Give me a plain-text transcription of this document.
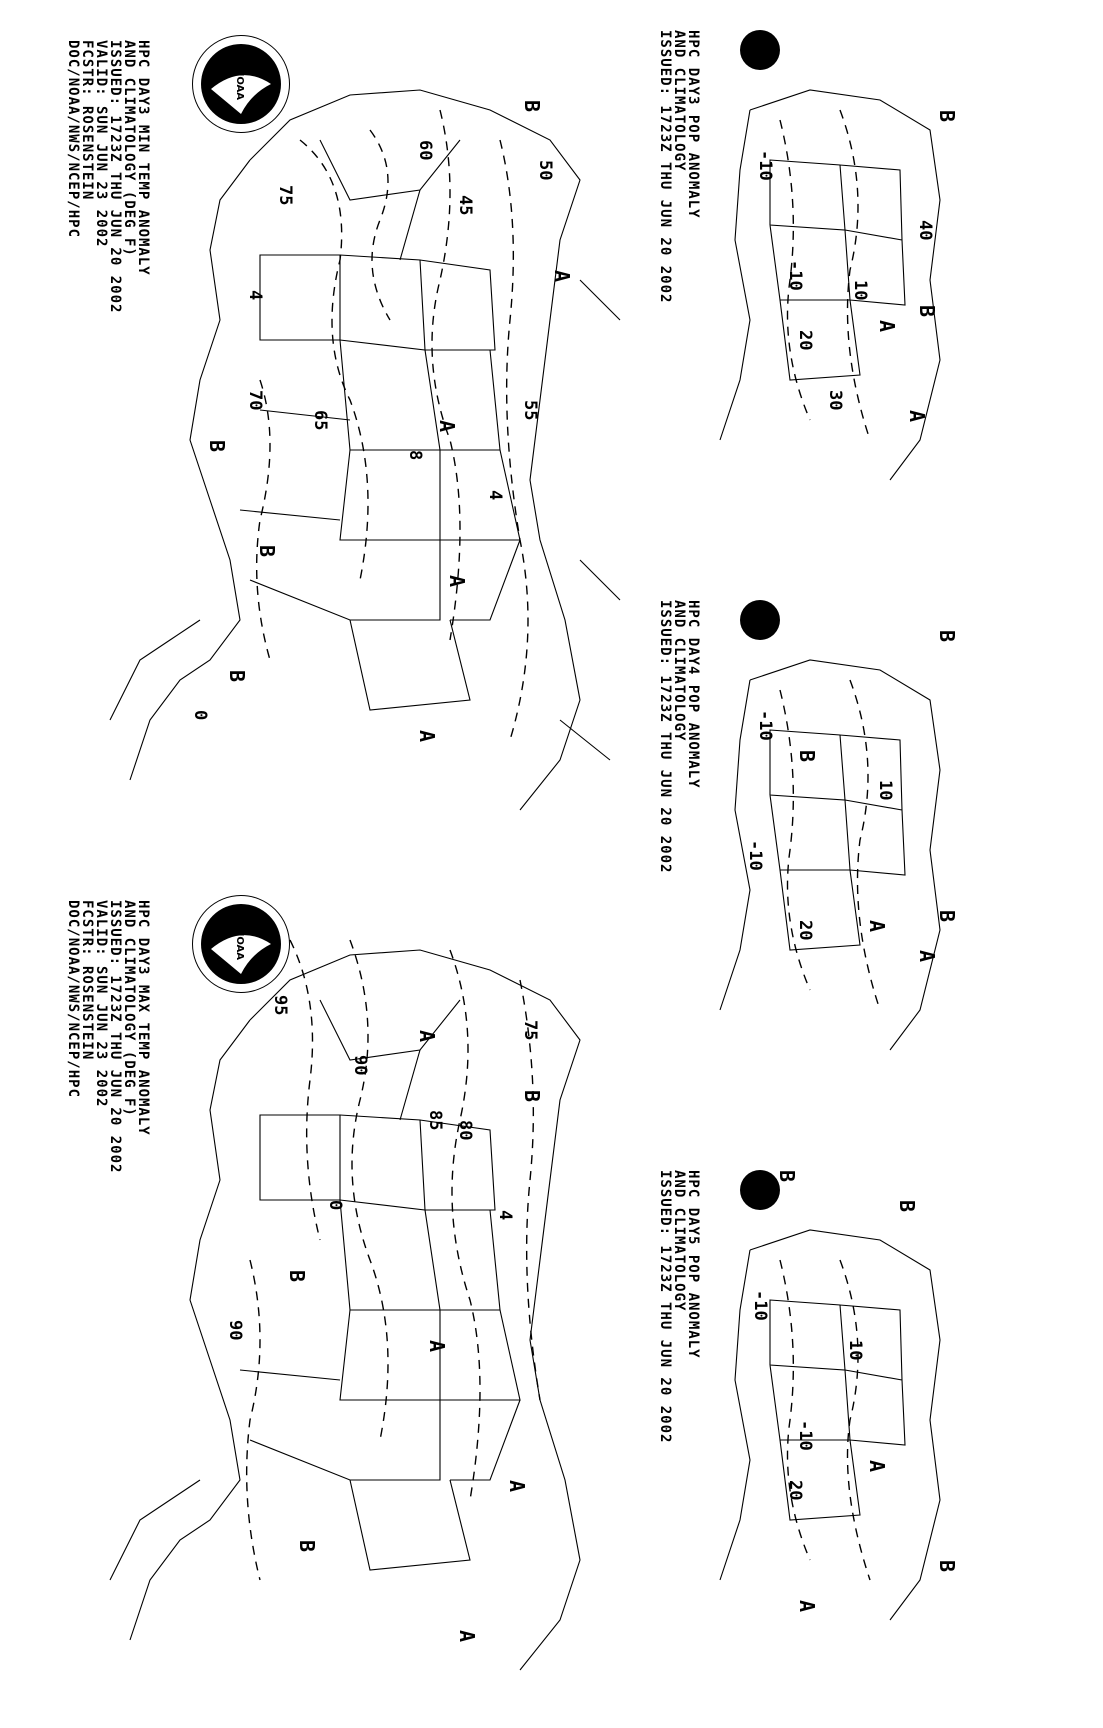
HPC DAY3 MIN TEMP ANOMALY
AND CLIMATOLOGY (DEG F)
ISSUED: 1723Z THU JUN 20 2002
VALID: SUN JUN 23 2002
FCSTR: ROSENSTEIN
DOC/NOAA/NWS/NCEP/HPC	NOAA
60
50
45
70
75
4
65	55
8
4
0
B
B
B
B
A
A
A
A
HPC DAY3 MAX TEMP ANOMALY
AND CLIMATOLOGY (DEG F)
ISSUED: 1723Z THU JUN 20 2002
VALID: SUN JUN 23 2002
FCSTR: ROSENSTEIN
DOC/NOAA/NWS/NCEP/HPC	NOAA
95
90
85 80
75
4
0
90
B
B
B
A
A
A
A
HPC DAY3 POP ANOMALY
AND CLIMATOLOGY
ISSUED: 1723Z THU JUN 20 2002	-10
-10	10
20
30
40
B
B
A
A
HPC DAY4 POP ANOMALY
AND CLIMATOLOGY
ISSUED: 1723Z THU JUN 20 2002	-10
-10
10
20
B
B
B
A
A
HPC DAY5 POP ANOMALY
AND CLIMATOLOGY
ISSUED: 1723Z THU JUN 20 2002	-10
-10
10
20
B
B
B
A
A
